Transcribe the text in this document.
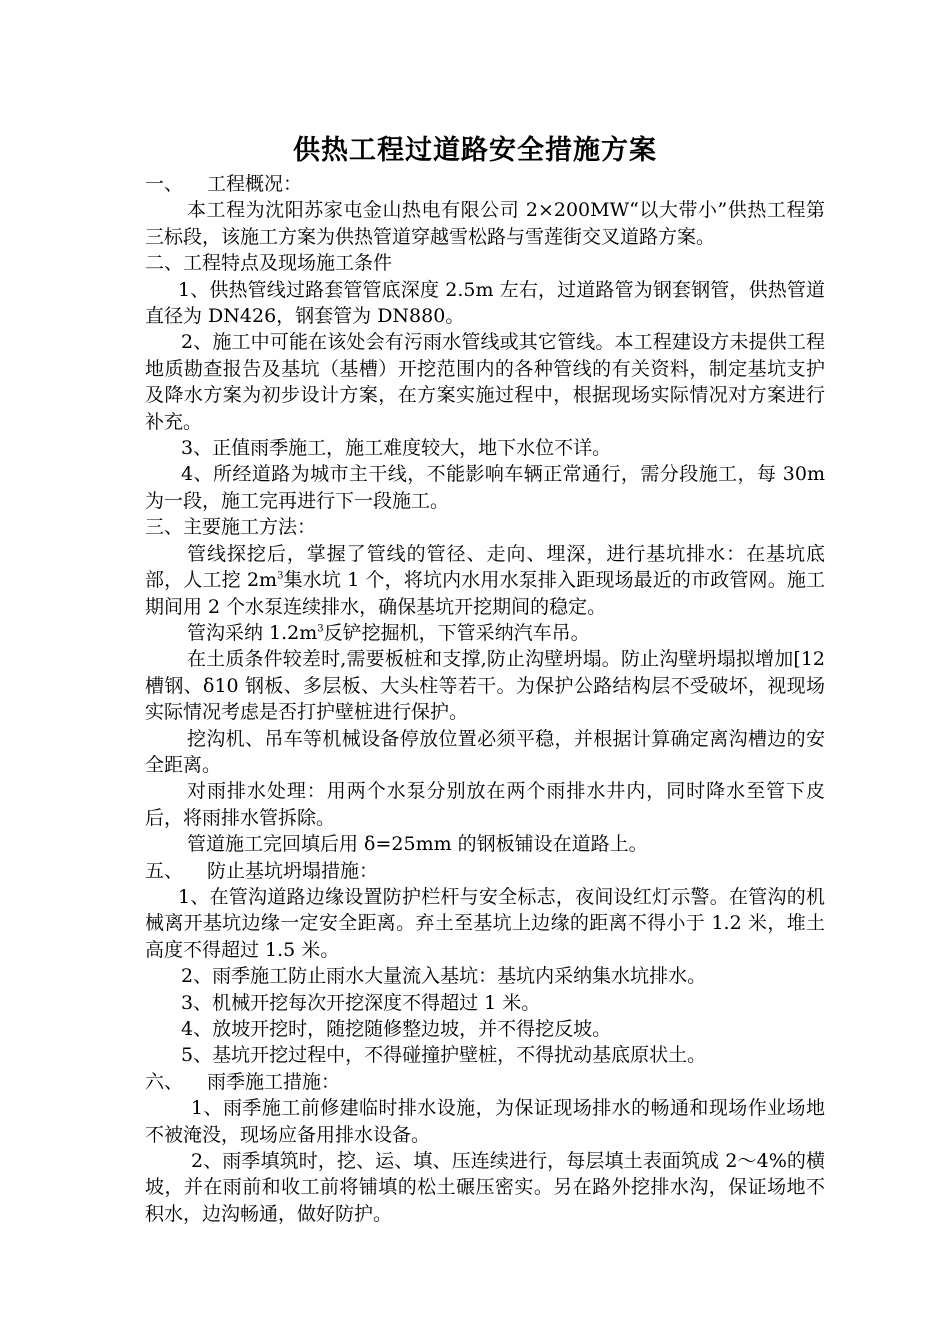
供热工程过道路安全措施方案

一、 工程概况：

本工程为沈阳苏家屯金山热电有限公司 2×200MW“以大带小”供热工程第三标段，该施工方案为供热管道穿越雪松路与雪莲街交叉道路方案。

二、工程特点及现场施工条件

1、供热管线过路套管管底深度 2.5m 左右，过道路管为钢套钢管，供热管道直径为 DN426，钢套管为 DN880。

2、施工中可能在该处会有污雨水管线或其它管线。本工程建设方未提供工程地质勘查报告及基坑（基槽）开挖范围内的各种管线的有关资料，制定基坑支护及降水方案为初步设计方案，在方案实施过程中，根据现场实际情况对方案进行补充。

3、正值雨季施工，施工难度较大，地下水位不详。

4、所经道路为城市主干线，不能影响车辆正常通行，需分段施工，每 30m 为一段，施工完再进行下一段施工。

三、主要施工方法：

管线探挖后，掌握了管线的管径、走向、埋深，进行基坑排水：在基坑底部，人工挖 $2m^3$集水坑 1 个，将坑内水用水泵排入距现场最近的市政管网。施工期间用 2 个水泵连续排水，确保基坑开挖期间的稳定。

管沟采纳 $1.2m^3$反铲挖掘机，下管采纳汽车吊。

在土质条件较差时,需要板桩和支撑,防止沟壁坍塌。防止沟壁坍塌拟增加[12 槽钢、δ10 钢板、多层板、大头柱等若干。为保护公路结构层不受破坏，视现场实际情况考虑是否打护壁桩进行保护。

挖沟机、吊车等机械设备停放位置必须平稳，并根据计算确定离沟槽边的安全距离。

对雨排水处理：用两个水泵分别放在两个雨排水井内，同时降水至管下皮后，将雨排水管拆除。

管道施工完回填后用 δ=25mm 的钢板铺设在道路上。

五、 防止基坑坍塌措施：

1、在管沟道路边缘设置防护栏杆与安全标志，夜间设红灯示警。在管沟的机械离开基坑边缘一定安全距离。弃土至基坑上边缘的距离不得小于 1.2 米，堆土高度不得超过 1.5 米。

2、雨季施工防止雨水大量流入基坑：基坑内采纳集水坑排水。

3、机械开挖每次开挖深度不得超过 1 米。

4、放坡开挖时，随挖随修整边坡，并不得挖反坡。

5、基坑开挖过程中，不得碰撞护壁桩，不得扰动基底原状土。

六、 雨季施工措施：

1、雨季施工前修建临时排水设施，为保证现场排水的畅通和现场作业场地不被淹没，现场应备用排水设备。

2、雨季填筑时，挖、运、填、压连续进行，每层填土表面筑成 2～4%的横坡，并在雨前和收工前将铺填的松土碾压密实。另在路外挖排水沟，保证场地不积水，边沟畅通，做好防护。
